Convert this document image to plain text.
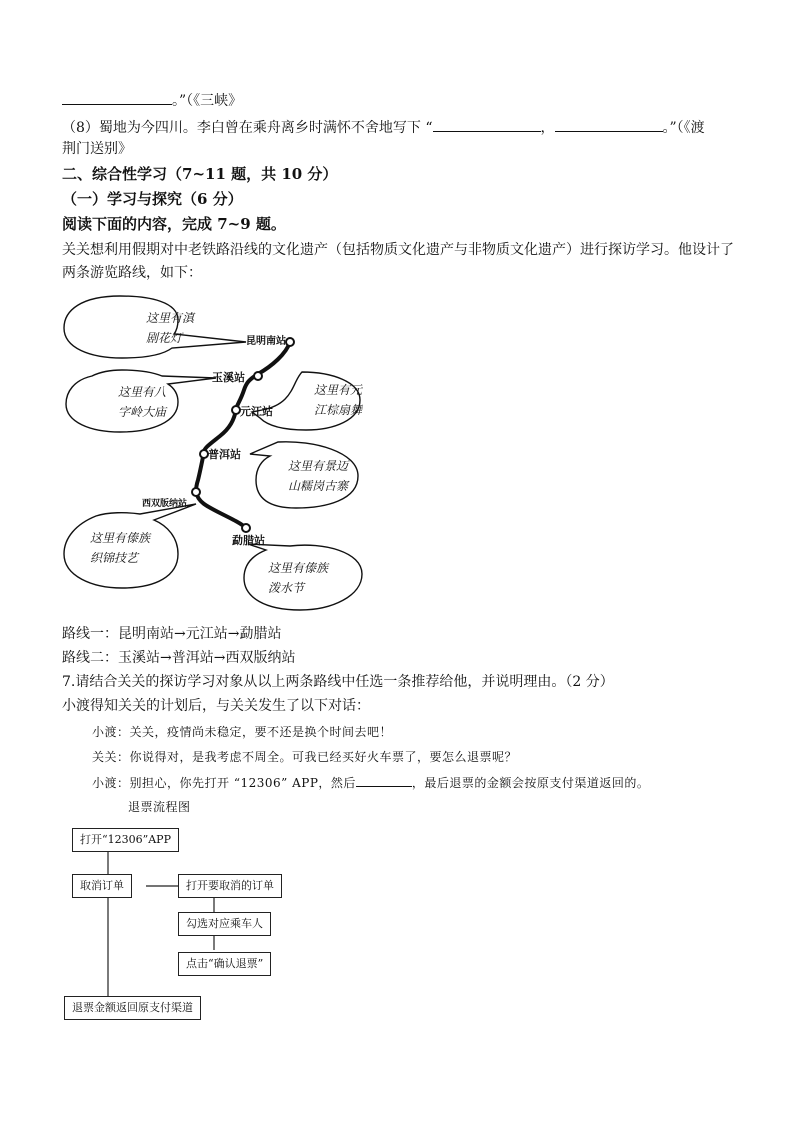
。”（《三峡》
（8）蜀地为今四川。李白曾在乘舟离乡时满怀不舍地写下 “	，	。”（《渡
荆门送别》
二、综合性学习（7~11 题，共 10 分）
（一）学习与探究（6 分）
阅读下面的内容，完成 7~9 题。
关关想利用假期对中老铁路沿线的文化遗产（包括物质文化遗产与非物质文化遗产）进行探访学习。他设计了
两条游览路线，如下：
昆明南站
玉溪站
元江站
普洱站
西双版纳站
勐腊站
这里有滇
剧花灯
这里有八
字岭大庙
这里有元
江棕扇舞
这里有景迈
山糯岗古寨
这里有傣族
织锦技艺
这里有傣族
泼水节
路线一：昆明南站→元江站→勐腊站
路线二：玉溪站→普洱站→西双版纳站
7.请结合关关的探访学习对象从以上两条路线中任选一条推荐给他，并说明理由。（2 分）
小渡得知关关的计划后，与关关发生了以下对话：
小渡：关关，疫情尚未稳定，要不还是换个时间去吧！
关关：你说得对，是我考虑不周全。可我已经买好火车票了，要怎么退票呢？
小渡：别担心，你先打开 “12306” APP，然后	，最后退票的金额会按原支付渠道返回的。
退票流程图
打开“12306”APP
取消订单	打开要取消的订单
勾选对应乘车人
点击“确认退票”
退票金额返回原支付渠道
